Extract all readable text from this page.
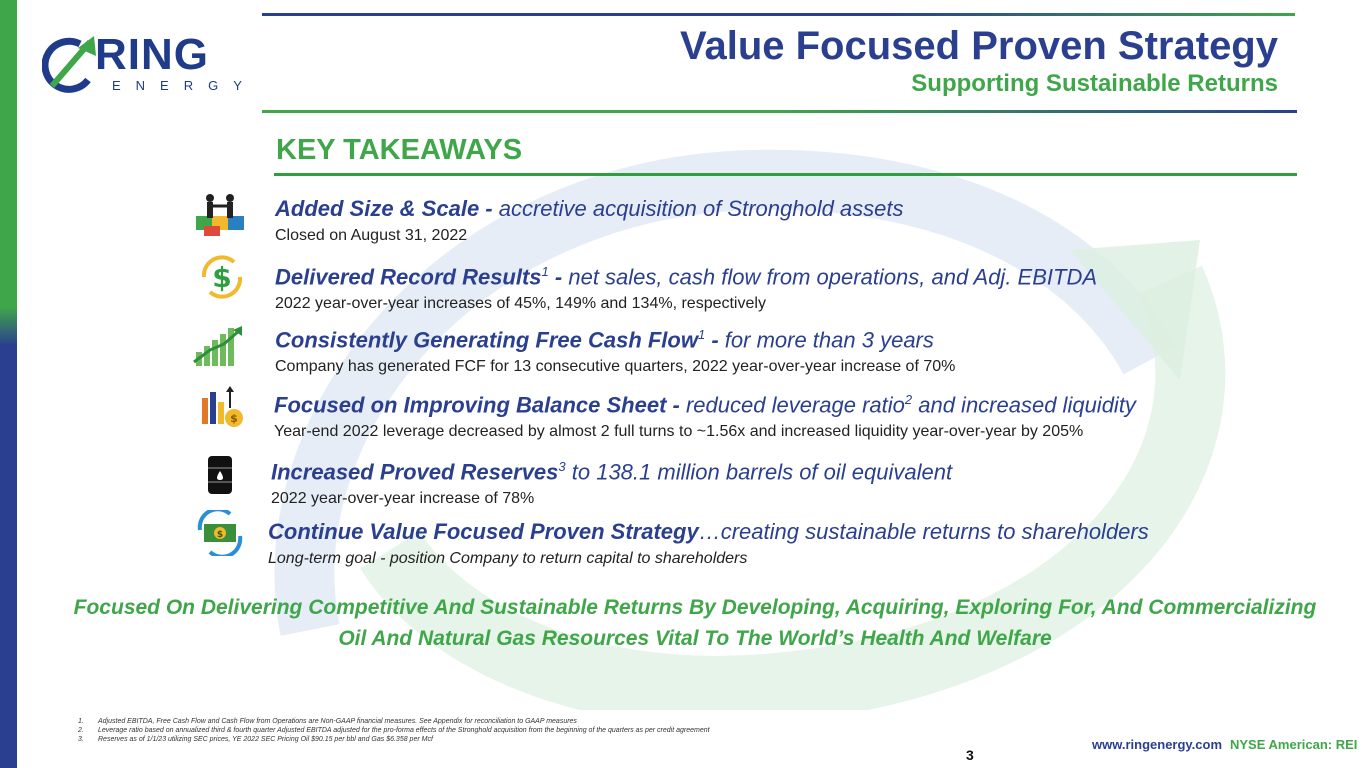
RING
ENERGY
Value Focused Proven Strategy
Supporting Sustainable Returns
KEY TAKEAWAYS
Added Size & Scale - accretive acquisition of Stronghold assets
Closed on August 31, 2022
$ Delivered Record Results$^1$ - net sales, cash flow from operations, and Adj. EBITDA
2022 year-over-year increases of 45%, 149% and 134%, respectively
Consistently Generating Free Cash Flow$^1$ - for more than 3 years
Company has generated FCF for 13 consecutive quarters, 2022 year-over-year increase of 70%
$
Focused on Improving Balance Sheet - reduced leverage ratio$^2$ and increased liquidity
Year-end 2022 leverage decreased by almost 2 full turns to ~1.56x and increased liquidity year-over-year by 205%
Increased Proved Reserves$^3$ to 138.1 million barrels of oil equivalent
2022 year-over-year increase of 78%
$ Continue Value Focused Proven Strategy…creating sustainable returns to shareholders
Long-term goal - position Company to return capital to shareholders
Focused On Delivering Competitive And Sustainable Returns By Developing, Acquiring, Exploring For, And Commercializing Oil And Natural Gas Resources Vital To The World’s Health And Welfare
1.	Adjusted EBITDA, Free Cash Flow and Cash Flow from Operations are Non-GAAP financial measures. See Appendix for reconciliation to GAAP measures
2.	Leverage ratio based on annualized third & fourth quarter Adjusted EBITDA adjusted for the pro-forma effects of the Stronghold acquisition from the beginning of the quarters as per credit agreement
3.	Reserves as of 1/1/23 utilizing SEC prices, YE 2022 SEC Pricing Oil $90.15 per bbl and Gas $6.358 per Mcf
3
www.ringenergy.com NYSE American: REI
